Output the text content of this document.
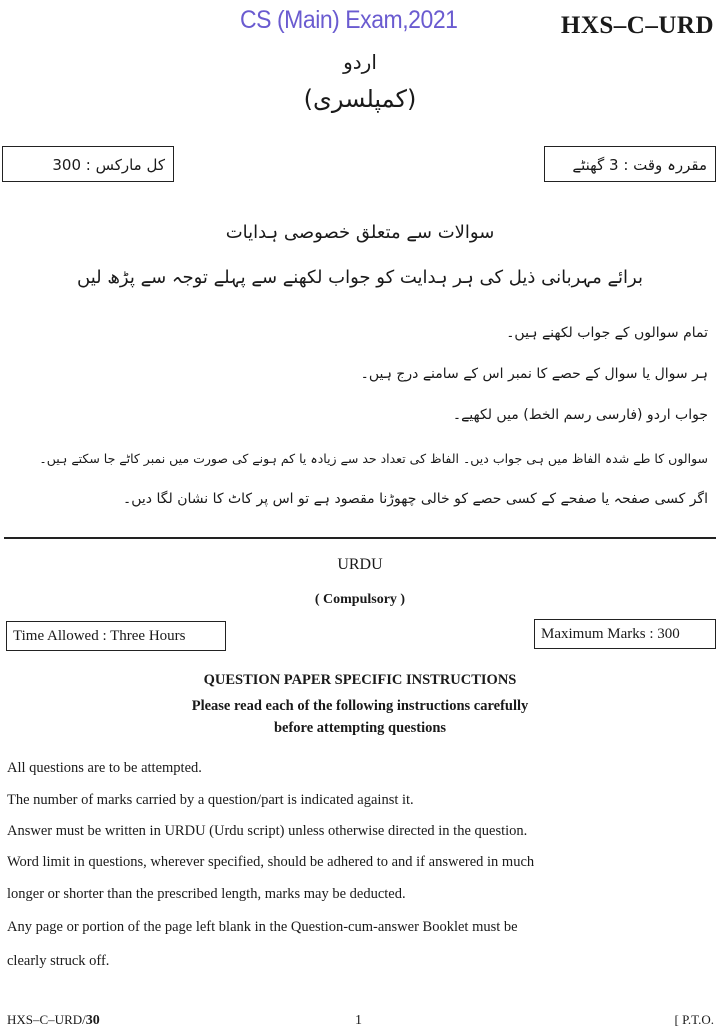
CS (Main) Exam,2021	HXS–C–URD
اردو
(کمپلسری)
کل مارکس : 300	مقررہ وقت : 3 گھنٹے
سوالات سے متعلق خصوصی ہدایات
برائے مہربانی ذیل کی ہر ہدایت کو جواب لکھنے سے پہلے توجہ سے پڑھ لیں
تمام سوالوں کے جواب لکھنے ہیں۔
ہر سوال یا سوال کے حصے کا نمبر اس کے سامنے درج ہیں۔
جواب اردو (فارسی رسم الخط) میں لکھیے۔
سوالوں کا طے شدہ الفاظ میں ہی جواب دیں۔ الفاظ کی تعداد حد سے زیادہ یا کم ہونے کی صورت میں نمبر کاٹے جا سکتے ہیں۔
اگر کسی صفحہ یا صفحے کے کسی حصے کو خالی چھوڑنا مقصود ہے تو اس پر کاٹ کا نشان لگا دیں۔
URDU
( Compulsory )
Time Allowed : Three Hours	Maximum Marks : 300
QUESTION PAPER SPECIFIC INSTRUCTIONS
Please read each of the following instructions carefully
before attempting questions
All questions are to be attempted.
The number of marks carried by a question/part is indicated against it.
Answer must be written in URDU (Urdu script) unless otherwise directed in the question.
Word limit in questions, wherever specified, should be adhered to and if answered in much
longer or shorter than the prescribed length, marks may be deducted.
Any page or portion of the page left blank in the Question-cum-answer Booklet must be
clearly struck off.
HXS–C–URD/30	1	[ P.T.O.
